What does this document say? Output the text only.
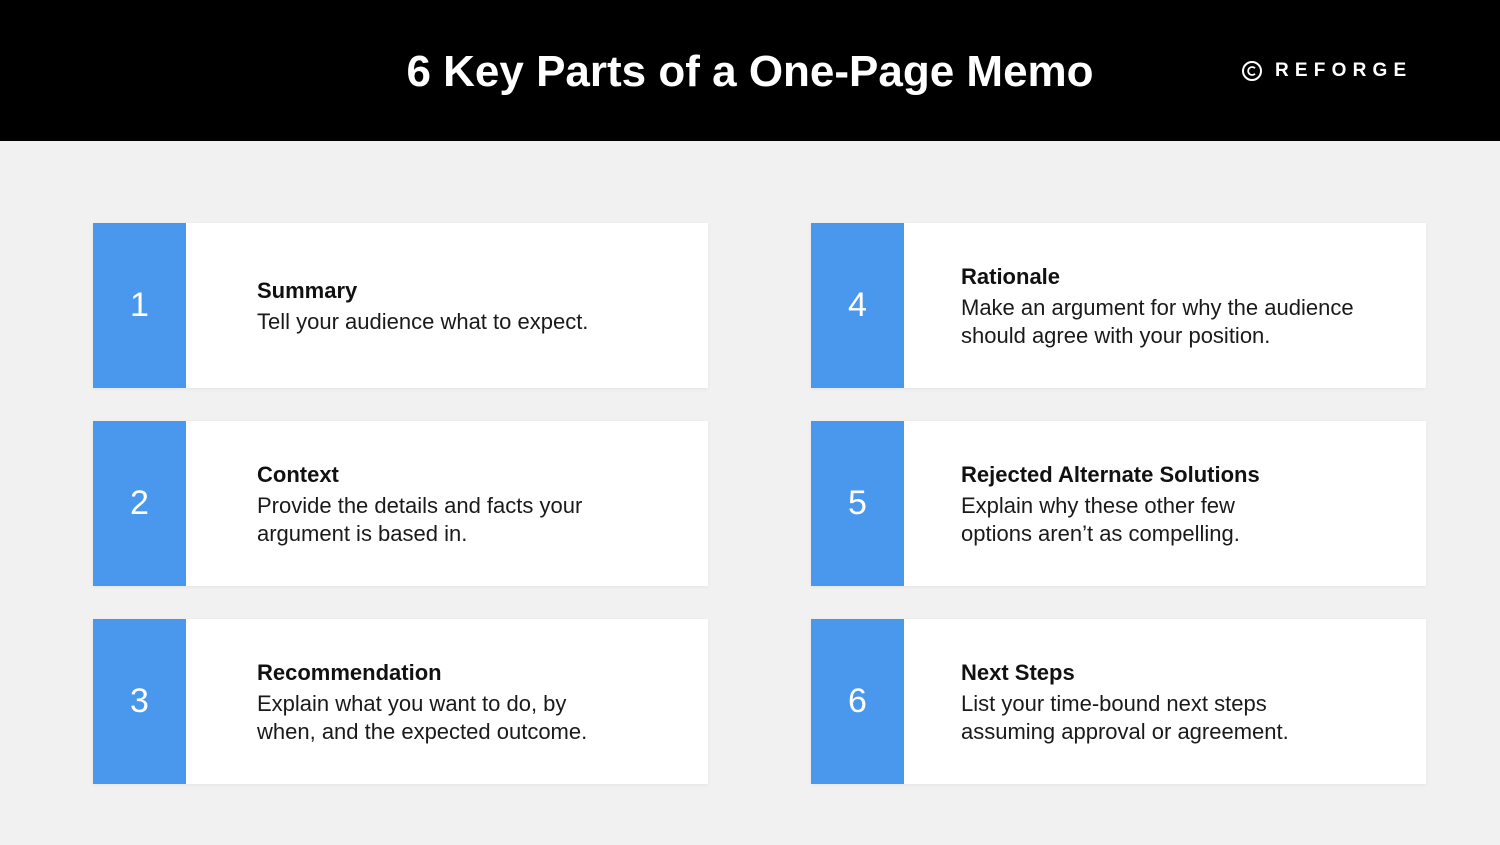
6 Key Parts of a One-Page Memo	REFORGE
1	Summary
Tell your audience what to expect.
2
Context
Provide the details and facts your
argument is based in.
3
Recommendation
Explain what you want to do, by
when, and the expected outcome.
4
Rationale
Make an argument for why the audience
should agree with your position.
5
Rejected Alternate Solutions
Explain why these other few
options aren’t as compelling.
6
Next Steps
List your time-bound next steps
assuming approval or agreement.
